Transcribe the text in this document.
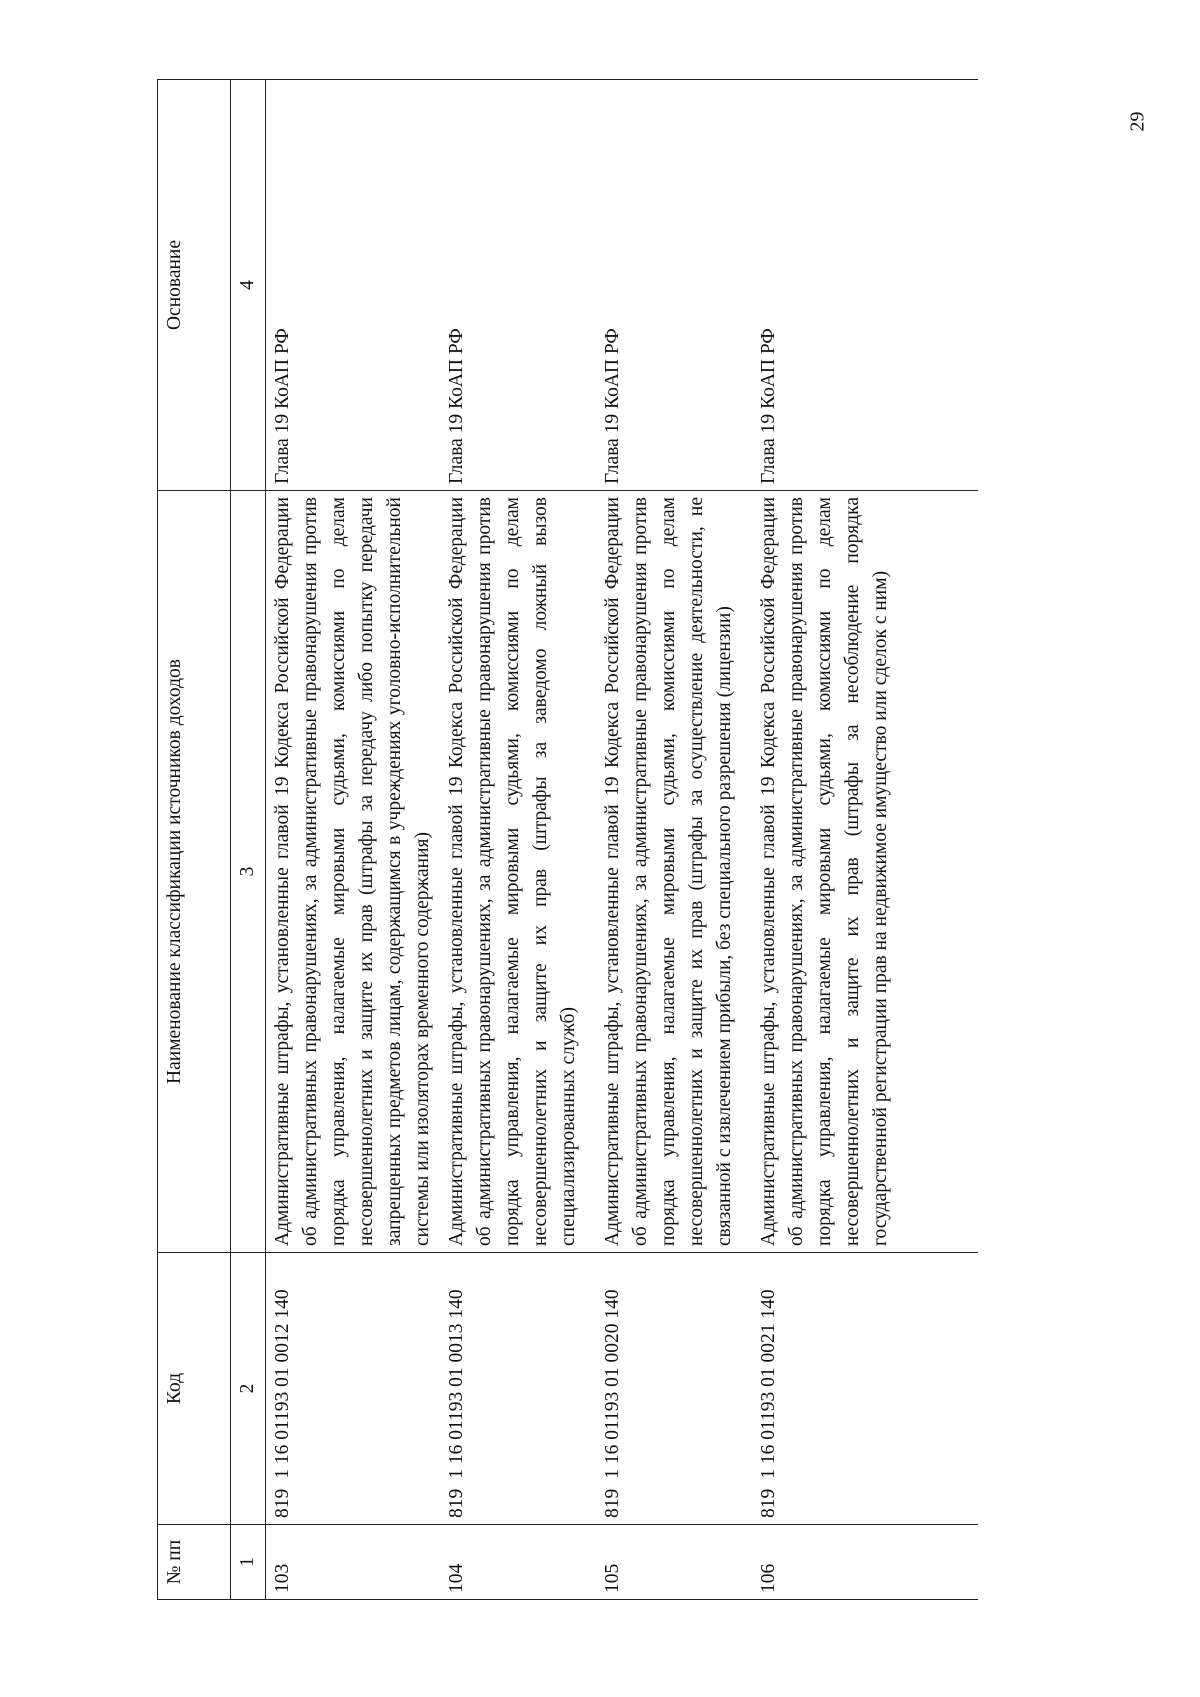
29
№ пп	Код	Наименование классификации источников доходов	Основание
1	2	3	4
103	8191 16 01193 01 0012 140	Административные штрафы, установленные главой 19 Кодекса Российской Федерации об административных правонарушениях, за административные правонарушения против порядка управления, налагаемые мировыми судьями, комиссиями по делам несовершеннолетних и защите их прав (штрафы за передачу либо попытку передачи запрещенных предметов лицам, содержащимся в учреждениях уголовно-исполнительной системы или изоляторах временного содержания)	Глава 19 КоАП РФ
104	8191 16 01193 01 0013 140	Административные штрафы, установленные главой 19 Кодекса Российской Федерации об административных правонарушениях, за административные правонарушения против порядка управления, налагаемые мировыми судьями, комиссиями по делам несовершеннолетних и защите их прав (штрафы за заведомо ложный вызов специализированных служб)	Глава 19 КоАП РФ
105	8191 16 01193 01 0020 140	Административные штрафы, установленные главой 19 Кодекса Российской Федерации об административных правонарушениях, за административные правонарушения против порядка управления, налагаемые мировыми судьями, комиссиями по делам несовершеннолетних и защите их прав (штрафы за осуществление деятельности, не связанной с извлечением прибыли, без специального разрешения (лицензии)	Глава 19 КоАП РФ
106	8191 16 01193 01 0021 140	Административные штрафы, установленные главой 19 Кодекса Российской Федерации об административных правонарушениях, за административные правонарушения против порядка управления, налагаемые мировыми судьями, комиссиями по делам несовершеннолетних и защите их прав (штрафы за несоблюдение порядка государственной регистрации прав на недвижимое имущество или сделок с ним)	Глава 19 КоАП РФ
